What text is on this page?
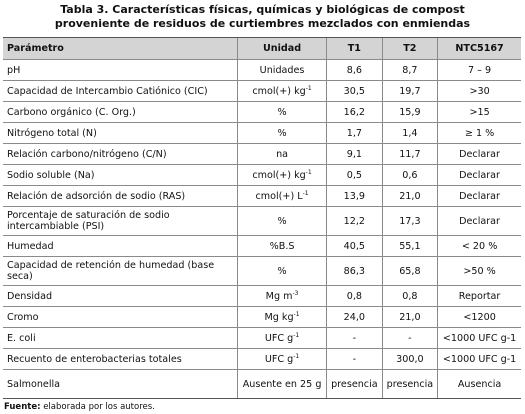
Tabla 3. Características físicas, químicas y biológicas de compost
proveniente de residuos de curtiembres mezclados con enmiendas
Parámetro	Unidad	T1	T2	NTC5167
pH	Unidades	8,6	8,7	7 – 9
Capacidad de Intercambio Catiónico (CIC)	cmol(+) $kg^{-1}$	30,5	19,7	>30
Carbono orgánico (C. Org.)	%	16,2	15,9	>15
Nitrógeno total (N)	%	1,7	1,4	≥ 1 %
Relación carbono/nitrógeno (C/N)	na	9,1	11,7	Declarar
Sodio soluble (Na)	cmol(+) $kg^{-1}$	0,5	0,6	Declarar
Relación de adsorción de sodio (RAS)	cmol(+) $L^{-1}$	13,9	21,0	Declarar
Porcentaje de saturación de sodio intercambiable (PSI)	%	12,2	17,3	Declarar
Humedad	%B.S	40,5	55,1	< 20 %
Capacidad de retención de humedad (base seca)	%	86,3	65,8	>50 %
Densidad	Mg $m^{-3}$	0,8	0,8	Reportar
Cromo	Mg $kg^{-1}$	24,0	21,0	<1200
E. coli	UFC $g^{-1}$	-	-	<1000 UFC g-1
Recuento de enterobacterias totales	UFC $g^{-1}$	-	300,0	<1000 UFC g-1
Salmonella	Ausente en 25 g	presencia	presencia	Ausencia
Fuente: elaborada por los autores.
